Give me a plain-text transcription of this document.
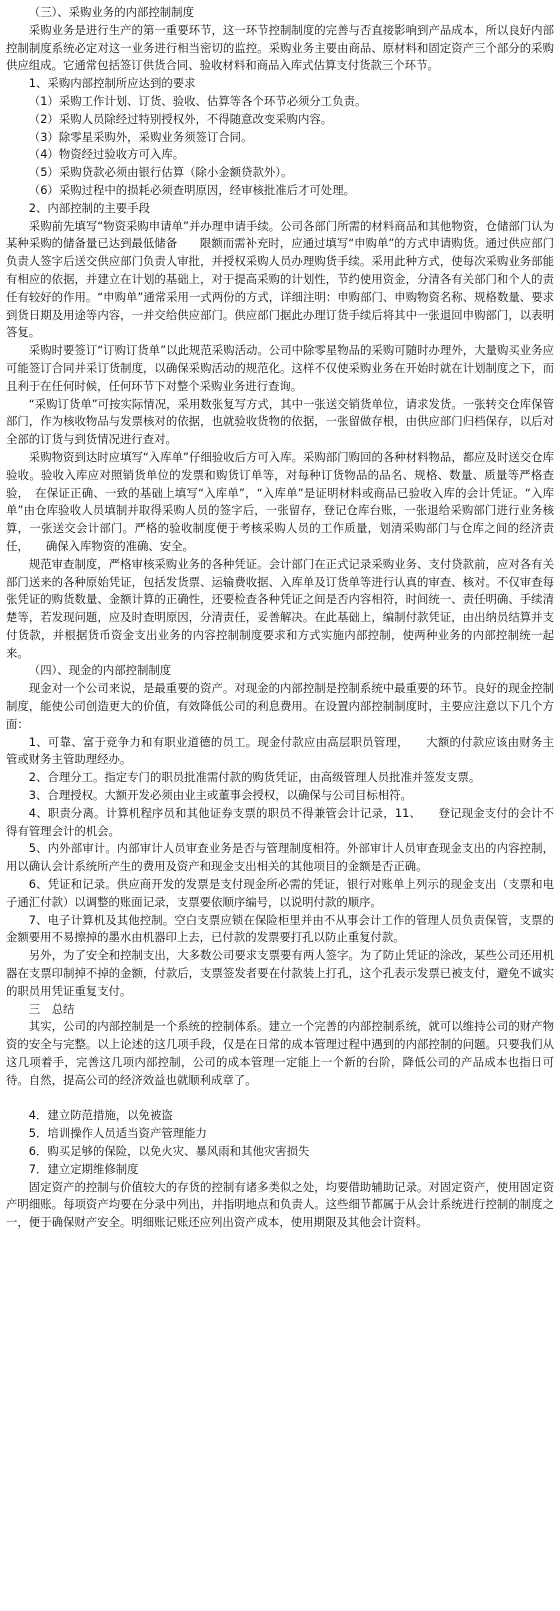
（三）、采购业务的内部控制制度

采购业务是进行生产的第一重要环节，这一环节控制制度的完善与否直接影响到产品成本，所以良好内部控制制度系统必定对这一业务进行相当密切的监控。采购业务主要由商品、原材料和固定资产三个部分的采购供应组成。它通常包括签订供货合同、验收材料和商品入库式估算支付货款三个环节。

1、采购内部控制所应达到的要求

（1）采购工作计划、订货、验收、估算等各个环节必须分工负责。

（2）采购人员除经过特别授权外，不得随意改变采购内容。

（3）除零星采购外，采购业务须签订合同。

（4）物资经过验收方可入库。

（5）采购贷款必须由银行估算（除小金额贷款外）。

（6）采购过程中的损耗必须查明原因，经审核批准后才可处理。

2、内部控制的主要手段

采购前先填写“物资采购申请单”并办理申请手续。公司各部门所需的材料商品和其他物资，仓储部门认为某种采购的储备量已达到最低储备　　限额而需补充时，应通过填写“申购单”的方式申请购货。通过供应部门负责人签字后送交供应部门负责人审批，并授权采购人员办理购货手续。采用此种方式，使每次采购业务部能有相应的依据，并建立在计划的基础上，对于提高采购的计划性，节约使用资金，分清各有关部门和个人的责任有较好的作用。“申购单”通常采用一式两份的方式，详细注明：申购部门、申购物资名称、规格数量、要求到货日期及用途等内容，一并交给供应部门。供应部门据此办理订货手续后将其中一张退回申购部门，以表明答复。

采购时要签订“订购订货单”以此规范采购活动。公司中除零星物品的采购可随时办理外，大量购买业务应可能签订合同并采订货制度，以确保采购活动的规范化。这样不仅使采购业务在开始时就在计划制度之下，而且利于在任何时候，任何环节下对整个采购业务进行查询。

“采购订货单”可按实际情况，采用数张复写方式，其中一张送交销货单位，请求发货。一张转交仓库保管部门，作为核收物品与发票核对的依据，也就验收货物的依据，一张留做存根，由供应部门归档保存，以后对全部的订货与到货情况进行查对。

采购物资到达时应填写“入库单”仔细验收后方可入库。采购部门购回的各种材料物品，都应及时送交仓库验收。验收入库应对照销货单位的发票和购货订单等，对每种订货物品的品名、规格、数量、质量等严格查验，　在保证正确、一致的基础上填写“入库单”，“入库单”是证明材料或商品已验收入库的会计凭证。“入库单”由仓库验收人员填制并取得采购人员的签字后，一张留存，登记仓库台账，一张退给采购部门进行业务核算，一张送交会计部门。严格的验收制度便于考核采购人员的工作质量，划清采购部门与仓库之间的经济责任，　　确保入库物资的准确、安全。

规范审查制度，严格审核采购业务的各种凭证。会计部门在正式记录采购业务、支付贷款前，应对各有关部门送来的各种原始凭证，包括发货票、运输费收据、入库单及订货单等进行认真的审查、核对。不仅审查每张凭证的购货数量、金额计算的正确性，还要检查各种凭证之间是否内容相符，时间统一、责任明确、手续清楚等，若发现问题，应及时查明原因，分清责任，妥善解决。在此基础上，编制付款凭证，由出纳员结算并支付货款，并根据货币资金支出业务的内容控制制度要求和方式实施内部控制，使两种业务的内部控制统一起来。

（四）、现金的内部控制制度

现金对一个公司来说，是最重要的资产。对现金的内部控制是控制系统中最重要的环节。良好的现金控制制度，能使公司创造更大的价值，有效降低公司的利息费用。在设置内部控制制度时，主要应注意以下几个方面：

1、可靠、富于竞争力和有职业道德的员工。现金付款应由高层职员管理，　　大额的付款应该由财务主管或财务主管助理经办。

2、合理分工。指定专门的职员批准需付款的购货凭证，由高级管理人员批准并签发支票。

3、合理授权。大额开发必须由业主或董事会授权，以确保与公司目标相符。

4、职责分离。计算机程序员和其他证券支票的职员不得兼管会计记录，11、　　登记现金支付的会计不得有管理会计的机会。

5、内外部审计。内部审计人员审查业务是否与管理制度相符。外部审计人员审查现金支出的内容控制，用以确认会计系统所产生的费用及资产和现金支出相关的其他项目的金额是否正确。

6、凭证和记录。供应商开发的发票是支付现金所必需的凭证，银行对账单上列示的现金支出（支票和电子通汇付款）以调整的账面记录，支票要依顺序编号，以说明付款的顺序。

7、电子计算机及其他控制。空白支票应锁在保险柜里并由不从事会计工作的管理人员负责保管，支票的金额要用不易擦掉的墨水由机器印上去，已付款的发票要打孔以防止重复付款。

另外，为了安全和控制支出，大多数公司要求支票要有两人签字。为了防止凭证的涂改，某些公司还用机器在支票印制掉不掉的金额，付款后，支票签发者要在付款装上打孔，这个孔表示发票已被支付，避免不诚实的职员用凭证重复支付。

三　总结

其实，公司的内部控制是一个系统的控制体系。建立一个完善的内部控制系统，就可以维持公司的财产物资的安全与完整。以上论述的这几项手段，仅是在日常的成本管理过程中遇到的内部控制的问题。只要我们从这几项着手，完善这几项内部控制，公司的成本管理一定能上一个新的台阶，降低公司的产品成本也指日可待。自然，提高公司的经济效益也就顺利成章了。

4．建立防范措施，以免被盗

5．培训操作人员适当资产管理能力

6．购买足够的保险，以免火灾、暴风雨和其他灾害损失

7．建立定期维修制度

固定资产的控制与价值较大的存货的控制有诸多类似之处，均要借助辅助记录。对固定资产，使用固定资产明细账。每项资产均要在分录中列出，并指明地点和负责人。这些细节都属于从会计系统进行控制的制度之一，便于确保财产安全。明细账记账还应列出资产成本，使用期限及其他会计资料。
